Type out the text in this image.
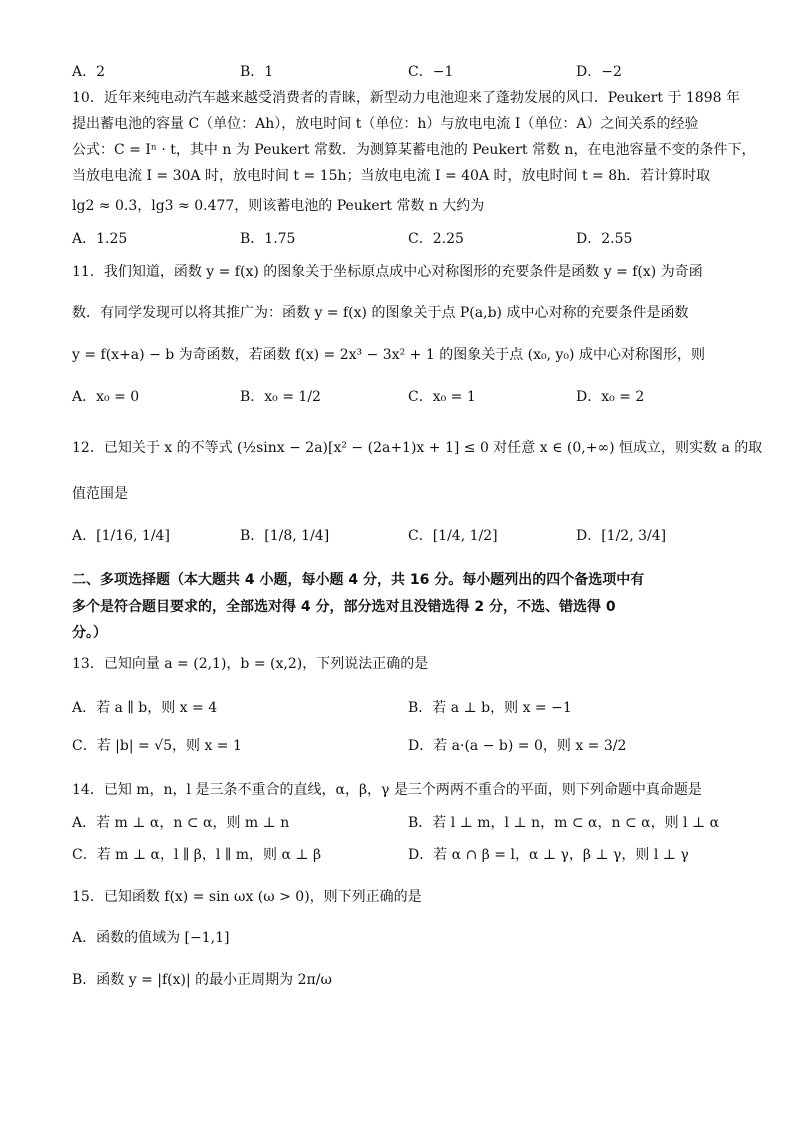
A．2	B．1	C．−1	D．−2
10．近年来纯电动汽车越来越受消费者的青睐，新型动力电池迎来了蓬勃发展的风口．Peukert 于 1898 年
提出蓄电池的容量 C（单位：Ah），放电时间 t（单位：h）与放电电流 I（单位：A）之间关系的经验
公式：C = Iⁿ · t，其中 n 为 Peukert 常数．为测算某蓄电池的 Peukert 常数 n，在电池容量不变的条件下，
当放电电流 I = 30A 时，放电时间 t = 15h；当放电电流 I = 40A 时，放电时间 t = 8h．若计算时取
lg2 ≈ 0.3，lg3 ≈ 0.477，则该蓄电池的 Peukert 常数 n 大约为
A．1.25	B．1.75	C．2.25	D．2.55
11．我们知道，函数 y = f(x) 的图象关于坐标原点成中心对称图形的充要条件是函数 y = f(x) 为奇函
数．有同学发现可以将其推广为：函数 y = f(x) 的图象关于点 P(a,b) 成中心对称的充要条件是函数
y = f(x+a) − b 为奇函数，若函数 f(x) = 2x³ − 3x² + 1 的图象关于点 (x₀, y₀) 成中心对称图形，则
A．x₀ = 0	B．x₀ = 1/2	C．x₀ = 1	D．x₀ = 2
12．已知关于 x 的不等式 (½sinx − 2a)[x² − (2a+1)x + 1] ≤ 0 对任意 x ∈ (0,+∞) 恒成立，则实数 a 的取
值范围是
A．[1/16, 1/4]	B．[1/8, 1/4]	C．[1/4, 1/2]	D．[1/2, 3/4]
二、多项选择题（本大题共 4 小题，每小题 4 分，共 16 分。每小题列出的四个备选项中有
多个是符合题目要求的，全部选对得 4 分，部分选对且没错选得 2 分，不选、错选得 0
分。）
13．已知向量 a = (2,1)，b = (x,2)，下列说法正确的是
A．若 a ∥ b，则 x = 4	B．若 a ⊥ b，则 x = −1
C．若 |b| = √5，则 x = 1	D．若 a·(a − b) = 0，则 x = 3/2
14．已知 m，n，l 是三条不重合的直线，α，β，γ 是三个两两不重合的平面，则下列命题中真命题是
A．若 m ⊥ α，n ⊂ α，则 m ⊥ n	B．若 l ⊥ m，l ⊥ n，m ⊂ α，n ⊂ α，则 l ⊥ α
C．若 m ⊥ α，l ∥ β，l ∥ m，则 α ⊥ β	D．若 α ∩ β = l，α ⊥ γ，β ⊥ γ，则 l ⊥ γ
15．已知函数 f(x) = sin ωx (ω > 0)，则下列正确的是
A．函数的值域为 [−1,1]
B．函数 y = |f(x)| 的最小正周期为 2π/ω
